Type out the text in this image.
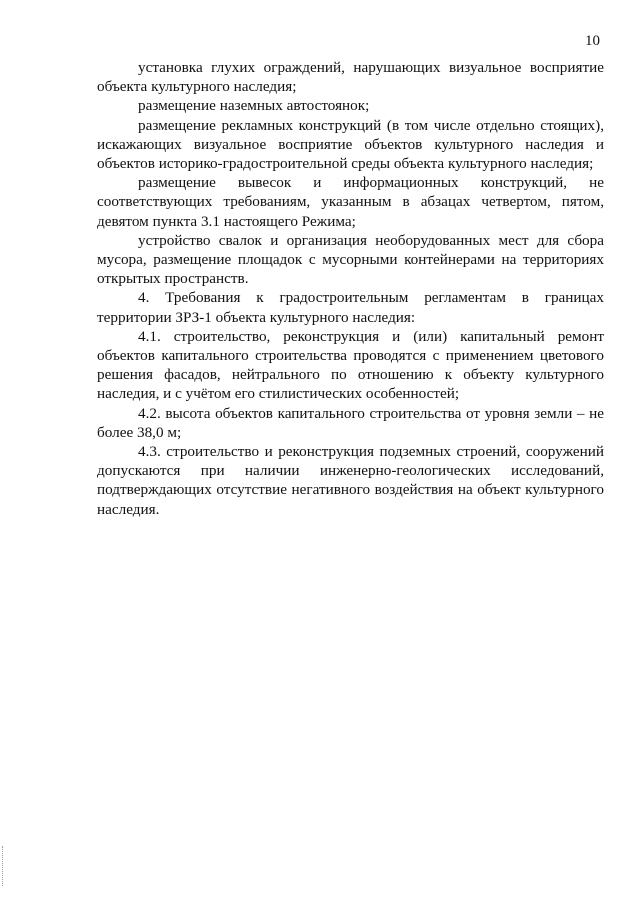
10

установка глухих ограждений, нарушающих визуальное восприятие объекта культурного наследия;

размещение наземных автостоянок;

размещение рекламных конструкций (в том числе отдельно стоящих), искажающих визуальное восприятие объектов культурного наследия и объектов историко-градостроительной среды объекта культурного наследия;

размещение вывесок и информационных конструкций, не соответствующих требованиям, указанным в абзацах четвертом, пятом, девятом пункта 3.1 настоящего Режима;

устройство свалок и организация необорудованных мест для сбора мусора, размещение площадок с мусорными контейнерами на территориях открытых пространств.

4. Требования к градостроительным регламентам в границах территории ЗРЗ-1 объекта культурного наследия:

4.1. строительство, реконструкция и (или) капитальный ремонт объектов капитального строительства проводятся с применением цветового решения фасадов, нейтрального по отношению к объекту культурного наследия, и с учётом его стилистических особенностей;

4.2. высота объектов капитального строительства от уровня земли – не более 38,0 м;

4.3. строительство и реконструкция подземных строений, сооружений допускаются при наличии инженерно-геологических исследований, подтверждающих отсутствие негативного воздействия на объект культурного наследия.
